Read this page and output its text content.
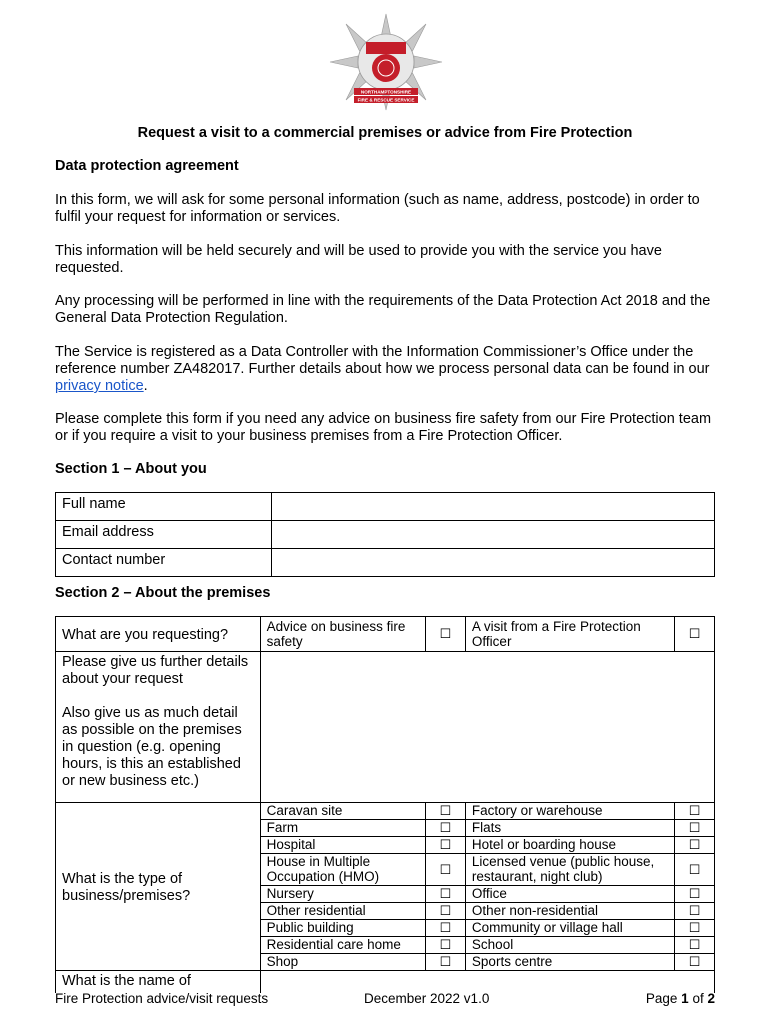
NORTHAMPTONSHIRE
FIRE & RESCUE SERVICE
Request a visit to a commercial premises or advice from Fire Protection
Data protection agreement
In this form, we will ask for some personal information (such as name, address, postcode) in order to fulfil your request for information or services.
This information will be held securely and will be used to provide you with the service you have requested.
Any processing will be performed in line with the requirements of the Data Protection Act 2018 and the General Data Protection Regulation.
The Service is registered as a Data Controller with the Information Commissioner’s Office under the reference number ZA482017. Further details about how we process personal data can be found in our privacy notice.
Please complete this form if you need any advice on business fire safety from our Fire Protection team or if you require a visit to your business premises from a Fire Protection Officer.
Section 1 – About you
Full name	
Email address	
Contact number	
Section 2 – About the premises
What are you requesting?	Advice on business fire safety	☐	A visit from a Fire Protection Officer	☐

Please give us further details about your request
Also give us as much detail as possible on the premises in question (e.g. opening hours, is this an established or new business etc.)				

What is the type of business/premises?	Caravan site	☐	Factory or warehouse	☐
	Farm	☐	Flats	☐
	Hospital	☐	Hotel or boarding house	☐
	House in Multiple Occupation (HMO)	☐	Licensed venue (public house, restaurant, night club)	☐
	Nursery	☐	Office	☐
	Other residential	☐	Other non-residential	☐
	Public building	☐	Community or village hall	☐
	Residential care home	☐	School	☐
	Shop	☐	Sports centre	☐
What is the name of				
Fire Protection advice/visit requests	December 2022 v1.0	Page 1 of 2
